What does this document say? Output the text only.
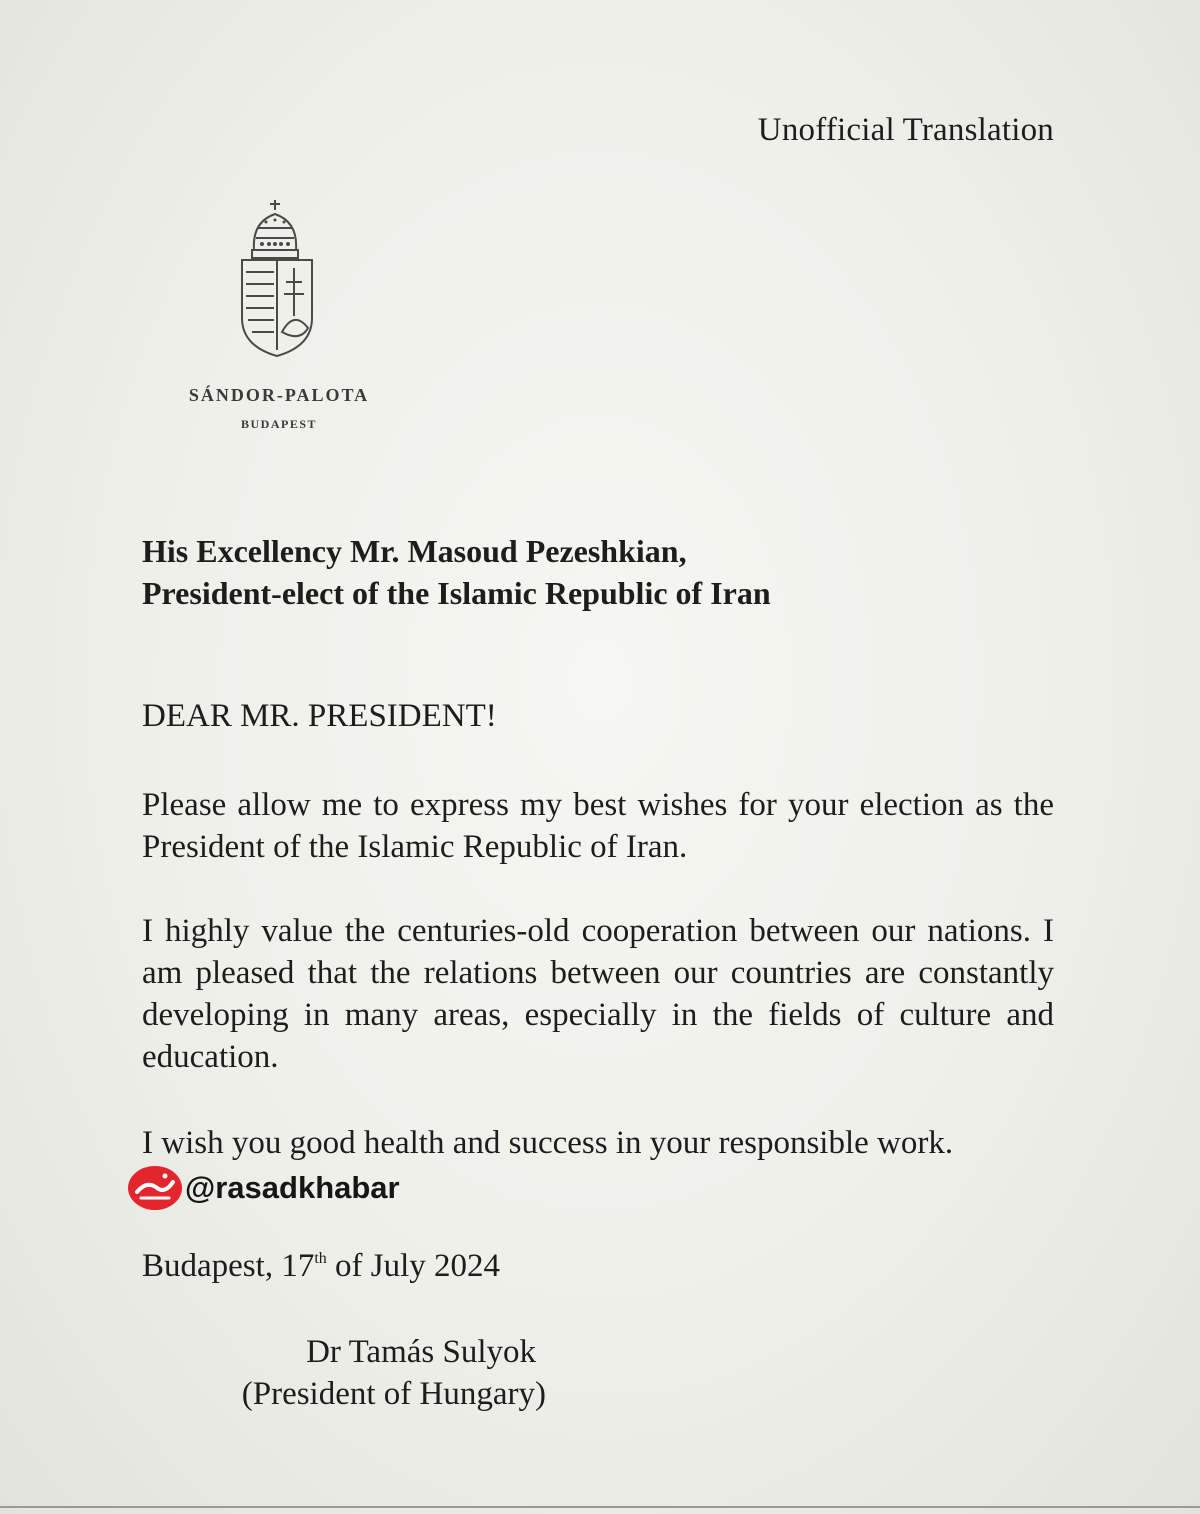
Unofficial Translation
SÁNDOR-PALOTA
BUDAPEST
His Excellency Mr. Masoud Pezeshkian,
President-elect of the Islamic Republic of Iran
DEAR MR. PRESIDENT!

Please allow me to express my best wishes for your election as the President of the Islamic Republic of Iran.

I highly value the centuries-old cooperation between our nations. I am pleased that the relations between our countries are constantly developing in many areas, especially in the fields of culture and education.

I wish you good health and success in your responsible work.

@rasadkhabar
Budapest, 17th of July 2024
Dr Tamás Sulyok
(President of Hungary)
